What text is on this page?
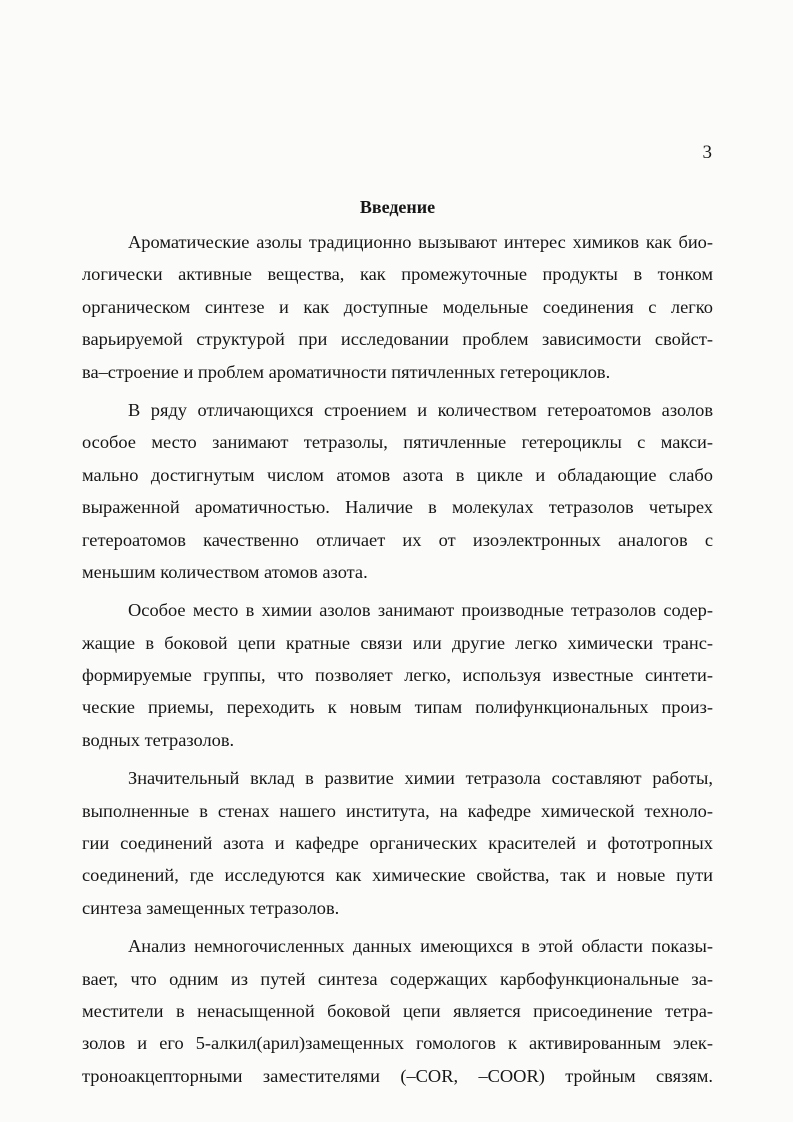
3
Введение
Ароматические азолы традиционно вызывают интерес химиков как био-
логически активные вещества, как промежуточные продукты в тонком
органическом синтезе и как доступные модельные соединения с легко
варьируемой структурой при исследовании проблем зависимости свойст-
ва–строение и проблем ароматичности пятичленных гетероциклов.
В ряду отличающихся строением и количеством гетероатомов азолов
особое место занимают тетразолы, пятичленные гетероциклы с макси-
мально достигнутым числом атомов азота в цикле и обладающие слабо
выраженной ароматичностью. Наличие в молекулах тетразолов четырех
гетероатомов качественно отличает их от изоэлектронных аналогов с
меньшим количеством атомов азота.
Особое место в химии азолов занимают производные тетразолов содер-
жащие в боковой цепи кратные связи или другие легко химически транс-
формируемые группы, что позволяет легко, используя известные синтети-
ческие приемы, переходить к новым типам полифункциональных произ-
водных тетразолов.
Значительный вклад в развитие химии тетразола составляют работы,
выполненные в стенах нашего института, на кафедре химической техноло-
гии соединений азота и кафедре органических красителей и фототропных
соединений, где исследуются как химические свойства, так и новые пути
синтеза замещенных тетразолов.
Анализ немногочисленных данных имеющихся в этой области показы-
вает, что одним из путей синтеза содержащих карбофункциональные за-
местители в ненасыщенной боковой цепи является присоединение тетра-
золов и его 5-алкил(арил)замещенных гомологов к активированным элек-
троноакцепторными заместителями (–COR, –COOR) тройным связям.
